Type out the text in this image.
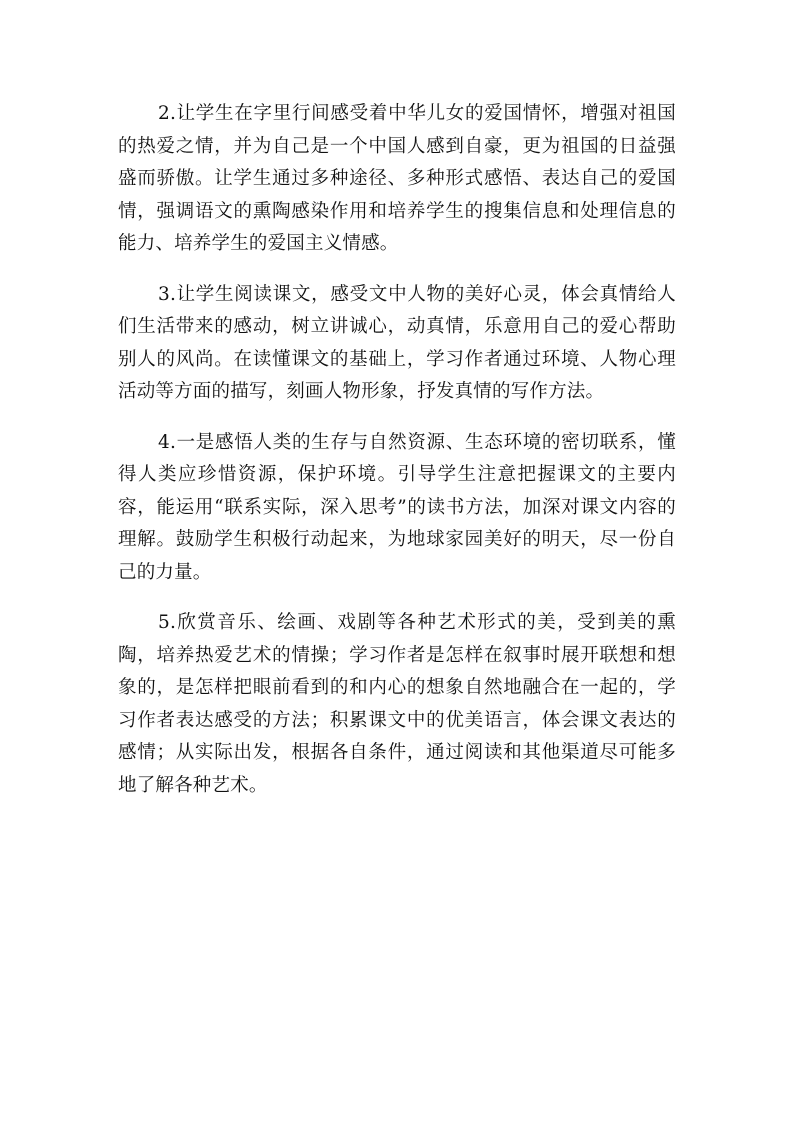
2.让学生在字里行间感受着中华儿女的爱国情怀，增强对祖国的热爱之情，并为自己是一个中国人感到自豪，更为祖国的日益强盛而骄傲。让学生通过多种途径、多种形式感悟、表达自己的爱国情，强调语文的熏陶感染作用和培养学生的搜集信息和处理信息的能力、培养学生的爱国主义情感。

3.让学生阅读课文，感受文中人物的美好心灵，体会真情给人们生活带来的感动，树立讲诚心，动真情，乐意用自己的爱心帮助别人的风尚。在读懂课文的基础上，学习作者通过环境、人物心理活动等方面的描写，刻画人物形象，抒发真情的写作方法。

4.一是感悟人类的生存与自然资源、生态环境的密切联系，懂得人类应珍惜资源，保护环境。引导学生注意把握课文的主要内容，能运用“联系实际，深入思考”的读书方法，加深对课文内容的理解。鼓励学生积极行动起来，为地球家园美好的明天，尽一份自己的力量。

5.欣赏音乐、绘画、戏剧等各种艺术形式的美，受到美的熏陶，培养热爱艺术的情操；学习作者是怎样在叙事时展开联想和想象的，是怎样把眼前看到的和内心的想象自然地融合在一起的，学习作者表达感受的方法；积累课文中的优美语言，体会课文表达的感情；从实际出发，根据各自条件，通过阅读和其他渠道尽可能多地了解各种艺术。
